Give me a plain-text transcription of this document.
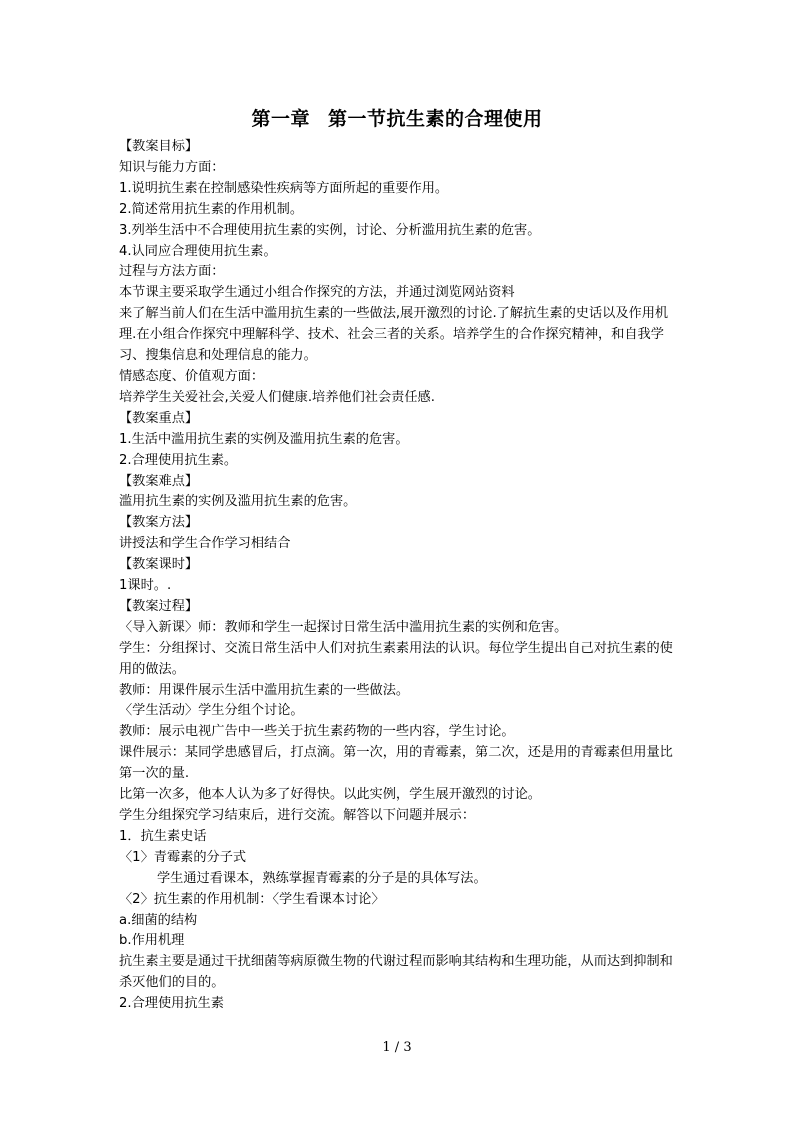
第一章 第一节抗生素的合理使用

【教案目标】

知识与能力方面：

1.说明抗生素在控制感染性疾病等方面所起的重要作用。

2.简述常用抗生素的作用机制。

3.列举生活中不合理使用抗生素的实例，讨论、分析滥用抗生素的危害。

4.认同应合理使用抗生素。

过程与方法方面：

本节课主要采取学生通过小组合作探究的方法，并通过浏览网站资料

来了解当前人们在生活中滥用抗生素的一些做法,展开激烈的讨论.了解抗生素的史话以及作用机理.在小组合作探究中理解科学、技术、社会三者的关系。培养学生的合作探究精神，和自我学习、搜集信息和处理信息的能力。

情感态度、价值观方面：

培养学生关爱社会,关爱人们健康.培养他们社会责任感.

【教案重点】

1.生活中滥用抗生素的实例及滥用抗生素的危害。

2.合理使用抗生素。

【教案难点】

滥用抗生素的实例及滥用抗生素的危害。

【教案方法】

讲授法和学生合作学习相结合

【教案课时】

1课时。.

【教案过程】

〈导入新课〉师：教师和学生一起探讨日常生活中滥用抗生素的实例和危害。

学生：分组探讨、交流日常生活中人们对抗生素素用法的认识。每位学生提出自己对抗生素的使用的做法。

教师：用课件展示生活中滥用抗生素的一些做法。

〈学生活动〉学生分组个讨论。

教师：展示电视广告中一些关于抗生素药物的一些内容，学生讨论。

课件展示：某同学患感冒后，打点滴。第一次，用的青霉素，第二次，还是用的青霉素但用量比第一次的量.

比第一次多，他本人认为多了好得快。以此实例，学生展开激烈的讨论。

学生分组探究学习结束后，进行交流。解答以下问题并展示：

1．抗生素史话

〈1〉青霉素的分子式

学生通过看课本，熟练掌握青霉素的分子是的具体写法。

〈2〉抗生素的作用机制：〈学生看课本讨论〉

a.细菌的结构

b.作用机理

抗生素主要是通过干扰细菌等病原微生物的代谢过程而影响其结构和生理功能，从而达到抑制和杀灭他们的目的。

2.合理使用抗生素

1 / 3
